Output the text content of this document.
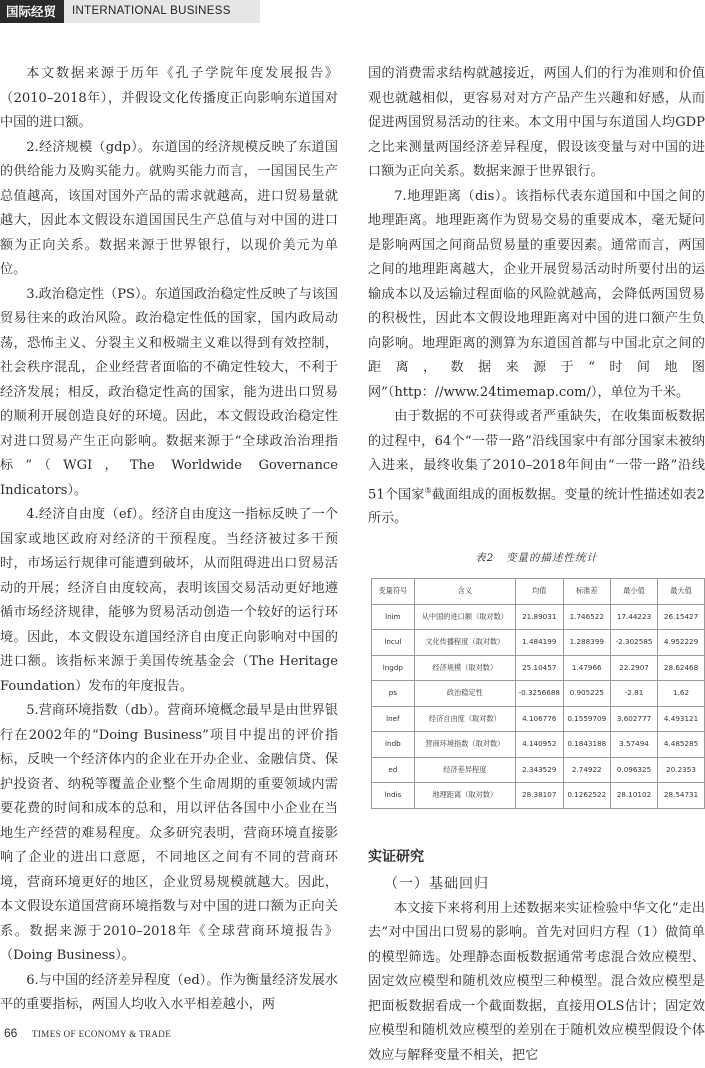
国际经贸	INTERNATIONAL BUSINESS

本文数据来源于历年《孔子学院年度发展报告》（2010–2018年），并假设文化传播度正向影响东道国对中国的进口额。

2.经济规模（gdp）。东道国的经济规模反映了东道国的供给能力及购买能力。就购买能力而言，一国国民生产总值越高，该国对国外产品的需求就越高，进口贸易量就越大，因此本文假设东道国国民生产总值与对中国的进口额为正向关系。数据来源于世界银行，以现价美元为单位。

3.政治稳定性（PS）。东道国政治稳定性反映了与该国贸易往来的政治风险。政治稳定性低的国家，国内政局动荡，恐怖主义、分裂主义和极端主义难以得到有效控制，社会秩序混乱，企业经营者面临的不确定性较大，不利于经济发展；相反，政治稳定性高的国家，能为进出口贸易的顺利开展创造良好的环境。因此，本文假设政治稳定性对进口贸易产生正向影响。数据来源于“全球政治治理指标”（WGI，The Worldwide Governance Indicators）。

4.经济自由度（ef）。经济自由度这一指标反映了一个国家或地区政府对经济的干预程度。当经济被过多干预时，市场运行规律可能遭到破坏，从而阻碍进出口贸易活动的开展；经济自由度较高，表明该国交易活动更好地遵循市场经济规律，能够为贸易活动创造一个较好的运行环境。因此，本文假设东道国经济自由度正向影响对中国的进口额。该指标来源于美国传统基金会（The Heritage Foundation）发布的年度报告。

5.营商环境指数（db）。营商环境概念最早是由世界银行在2002年的“Doing Business”项目中提出的评价指标，反映一个经济体内的企业在开办企业、金融信贷、保护投资者、纳税等覆盖企业整个生命周期的重要领域内需要花费的时间和成本的总和，用以评估各国中小企业在当地生产经营的难易程度。众多研究表明，营商环境直接影响了企业的进出口意愿，不同地区之间有不同的营商环境，营商环境更好的地区，企业贸易规模就越大。因此，本文假设东道国营商环境指数与对中国的进口额为正向关系。数据来源于2010–2018年《全球营商环境报告》（Doing Business）。

6.与中国的经济差异程度（ed）。作为衡量经济发展水平的重要指标，两国人均收入水平相差越小，两

国的消费需求结构就越接近，两国人们的行为准则和价值观也就越相似，更容易对对方产品产生兴趣和好感，从而促进两国贸易活动的往来。本文用中国与东道国人均GDP之比来测量两国经济差异程度，假设该变量与对中国的进口额为正向关系。数据来源于世界银行。

7.地理距离（dis）。该指标代表东道国和中国之间的地理距离。地理距离作为贸易交易的重要成本，毫无疑问是影响两国之间商品贸易量的重要因素。通常而言，两国之间的地理距离越大，企业开展贸易活动时所要付出的运输成本以及运输过程面临的风险就越高，会降低两国贸易的积极性，因此本文假设地理距离对中国的进口额产生负向影响。地理距离的测算为东道国首都与中国北京之间的距离，数据来源于“时间地图网”（http：//www.24timemap.com/），单位为千米。

由于数据的不可获得或者严重缺失，在收集面板数据的过程中，64个“一带一路”沿线国家中有部分国家未被纳入进来，最终收集了2010–2018年间由“一带一路”沿线51个国家⑤截面组成的面板数据。变量的统计性描述如表2所示。

表2　变量的描述性统计
变量符号	含义	均值	标准差	最小值	最大值
lnim	从中国的进口额（取对数）	21.89031	1.746522	17.44223	26.15427
lncul	文化传播程度（取对数）	1.484199	1.288399	-2.302585	4.952229
lngdp	经济规模（取对数）	25.10457	1.47966	22.2907	28.62468
ps	政治稳定性	-0.3256688	0.905225	-2.81	1.62
lnef	经济自由度（取对数）	4.106776	0.1559709	3.602777	4.493121
lndb	营商环境指数（取对数）	4.140952	0.1843188	3.57494	4.485285
ed	经济差异程度	2.343529	2.74922	0.096325	20.2353
lndis	地理距离（取对数）	28.38107	0.1262522	28.10102	28.54731
实证研究
（一）基础回归

本文接下来将利用上述数据来实证检验中华文化“走出去”对中国出口贸易的影响。首先对回归方程（1）做简单的模型筛选。处理静态面板数据通常考虑混合效应模型、固定效应模型和随机效应模型三种模型。混合效应模型是把面板数据看成一个截面数据，直接用OLS估计；固定效应模型和随机效应模型的差别在于随机效应模型假设个体效应与解释变量不相关，把它

66 TIMES OF ECONOMY & TRADE
